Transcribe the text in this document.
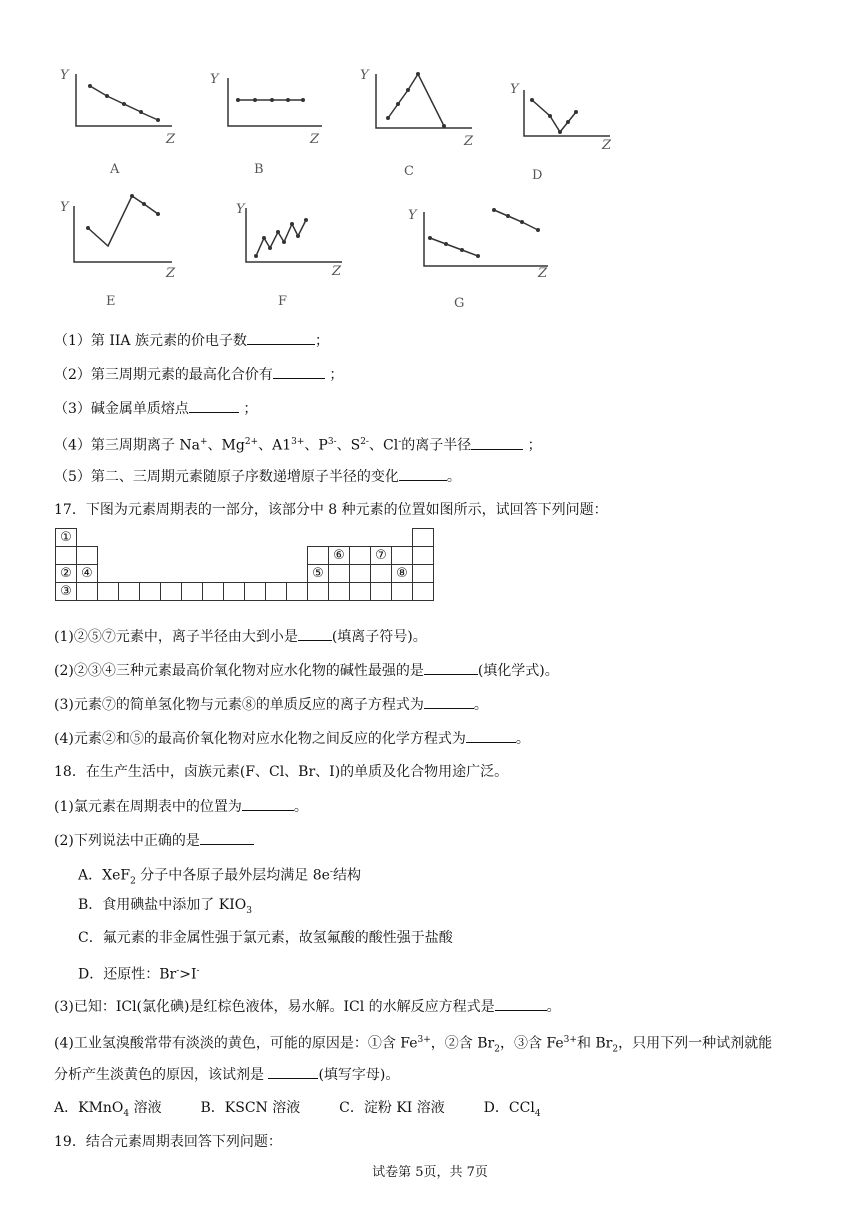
Y
Z
A
Y
Z
B
Y
Z
C
Y
Z
D
Y
Z
E
Y
Z
F
Y
Z
G
（1）第 IIA 族元素的价电子数	；
（2）第三周期元素的最高化合价有	；
（3）碱金属单质熔点	；
（4）第三周期离子 Na+、$Mg^{2+}$、$A1^{3+}$、$P^{3-}$、$S^{2-}$、Cl-的离子半径	；
（5）第二、三周期元素随原子序数递增原子半径的变化	。
17．下图为元素周期表的一部分，该部分中 8 种元素的位置如图所示，试回答下列问题：
①																	
													⑥		⑦		
②	④											⑤				⑧	
③																	
(1)②⑤⑦元素中，离子半径由大到小是 (填离子符号)。
(2)②③④三种元素最高价氧化物对应水化物的碱性最强的是	(填化学式)。
(3)元素⑦的简单氢化物与元素⑧的单质反应的离子方程式为	。
(4)元素②和⑤的最高价氧化物对应水化物之间反应的化学方程式为	。
18．在生产生活中，卤族元素(F、Cl、Br、I)的单质及化合物用途广泛。
(1)氯元素在周期表中的位置为	。
(2)下列说法中正确的是
A．XeF$_2$ 分子中各原子最外层均满足 8e-结构
B．食用碘盐中添加了 $KIO_3$
C．氟元素的非金属性强于氯元素，故氢氟酸的酸性强于盐酸
D．还原性：Br->I-
(3)已知：ICl(氯化碘)是红棕色液体，易水解。ICl 的水解反应方程式是	。
(4)工业氢溴酸常带有淡淡的黄色，可能的原因是：①含 $Fe^{3+}$，②含 $Br_2$，③含 $Fe^{3+}$和 $Br_2$，只用下列一种试剂就能
分析产生淡黄色的原因，该试剂是	(填写字母)。
A．KMnO$_4$ 溶液	B．KSCN 溶液	C．淀粉 KI 溶液	D．CCl$_4$
19．结合元素周期表回答下列问题：
试卷第 5页，共 7页
